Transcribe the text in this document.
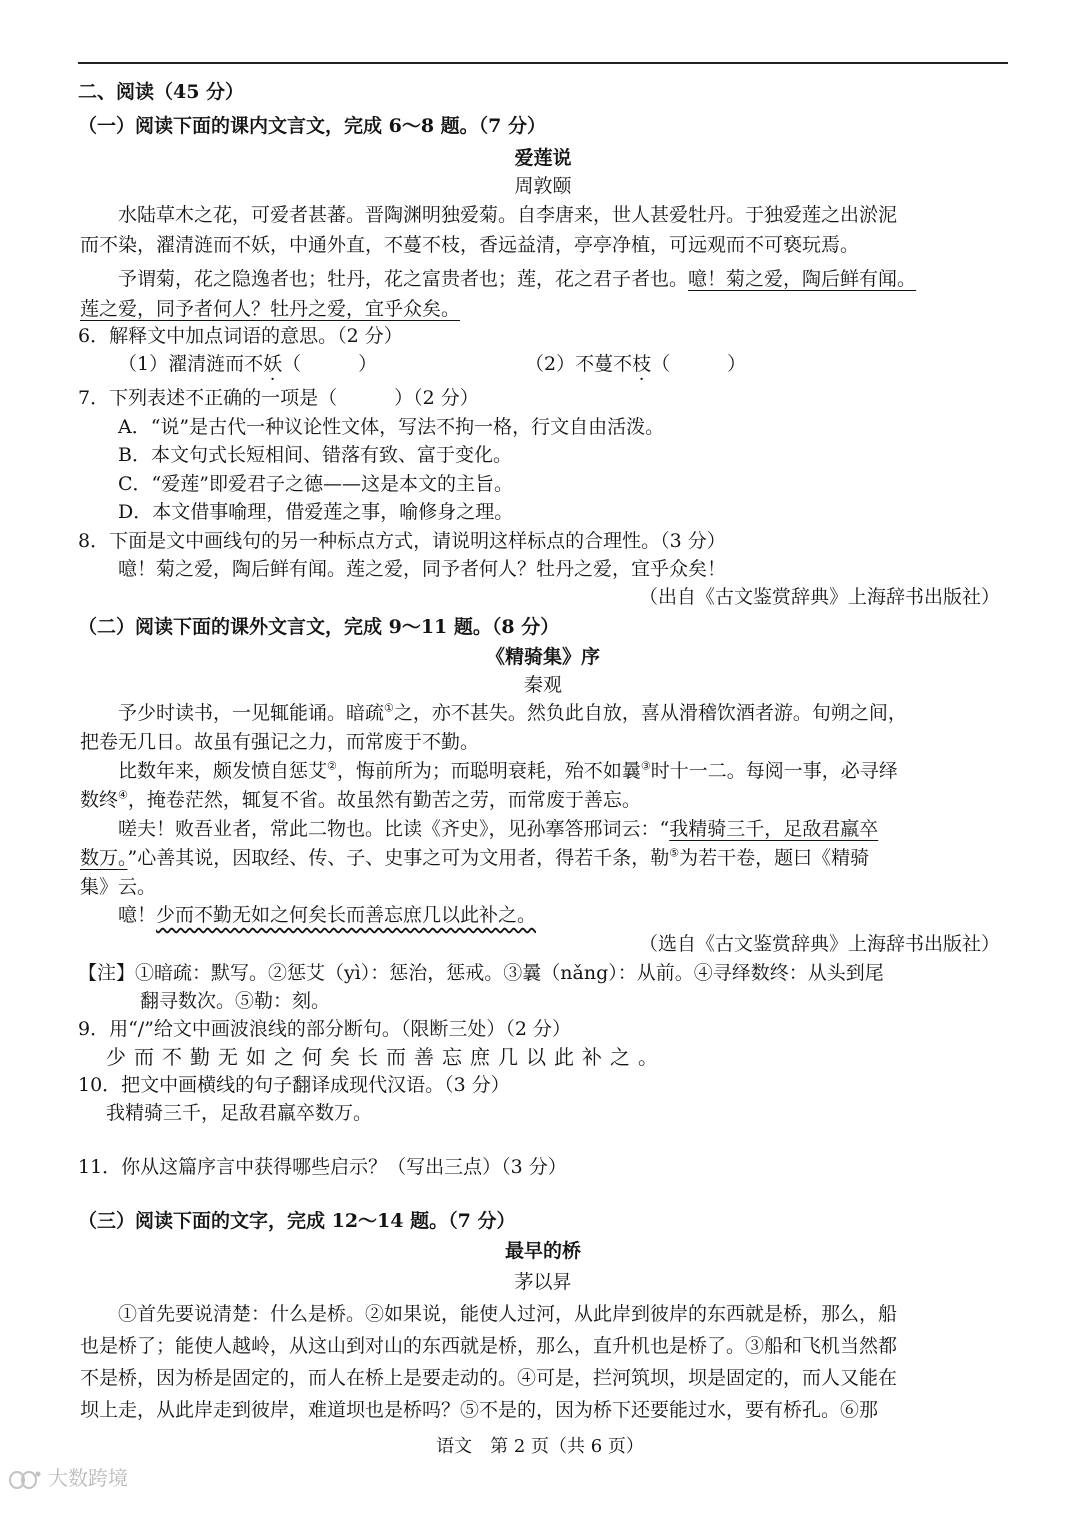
二、阅读（45 分）
（一）阅读下面的课内文言文，完成 6～8 题。（7 分）
爱莲说
周敦颐
水陆草木之花，可爱者甚蕃。晋陶渊明独爱菊。自李唐来，世人甚爱牡丹。于独爱莲之出淤泥
而不染，濯清涟而不妖，中通外直，不蔓不枝，香远益清，亭亭净植，可远观而不可亵玩焉。
予谓菊，花之隐逸者也；牡丹，花之富贵者也；莲，花之君子者也。噫！菊之爱，陶后鲜有闻。
莲之爱，同予者何人？牡丹之爱，宜乎众矣。
6．解释文中加点词语的意思。（2 分）
（1）濯清涟而不妖（　　　）	（2）不蔓不枝（　　　）
7．下列表述不正确的一项是（　　　）（2 分）
A．“说”是古代一种议论性文体，写法不拘一格，行文自由活泼。
B．本文句式长短相间、错落有致、富于变化。
C．“爱莲”即爱君子之德——这是本文的主旨。
D．本文借事喻理，借爱莲之事，喻修身之理。
8．下面是文中画线句的另一种标点方式，请说明这样标点的合理性。（3 分）
噫！菊之爱，陶后鲜有闻。莲之爱，同予者何人？牡丹之爱，宜乎众矣！
（出自《古文鉴赏辞典》上海辞书出版社）
（二）阅读下面的课外文言文，完成 9～11 题。（8 分）
《精骑集》序
秦观
予少时读书，一见辄能诵。暗疏①之，亦不甚失。然负此自放，喜从滑稽饮酒者游。旬朔之间，
把卷无几日。故虽有强记之力，而常废于不勤。
比数年来，颇发愤自惩艾②，悔前所为；而聪明衰耗，殆不如曩③时十一二。每阅一事，必寻绎
数终④，掩卷茫然，辄复不省。故虽然有勤苦之劳，而常废于善忘。
嗟夫！败吾业者，常此二物也。比读《齐史》，见孙搴答邢词云：“我精骑三千，足敌君羸卒
数万。”心善其说，因取经、传、子、史事之可为文用者，得若千条，勒⑤为若干卷，题曰《精骑
集》云。
噫！少而不勤无如之何矣长而善忘庶几以此补之。
（选自《古文鉴赏辞典》上海辞书出版社）
【注】①暗疏：默写。②惩艾（yì）：惩治，惩戒。③曩（nǎng）：从前。④寻绎数终：从头到尾
翻寻数次。⑤勒：刻。
9．用“/”给文中画波浪线的部分断句。（限断三处）（2 分）
少而不勤无如之何矣长而善忘庶几以此补之。
10．把文中画横线的句子翻译成现代汉语。（3 分）
我精骑三千，足敌君羸卒数万。
11．你从这篇序言中获得哪些启示？（写出三点）（3 分）
（三）阅读下面的文字，完成 12～14 题。（7 分）
最早的桥
茅以昇
①首先要说清楚：什么是桥。②如果说，能使人过河，从此岸到彼岸的东西就是桥，那么，船
也是桥了；能使人越岭，从这山到对山的东西就是桥，那么，直升机也是桥了。③船和飞机当然都
不是桥，因为桥是固定的，而人在桥上是要走动的。④可是，拦河筑坝，坝是固定的，而人又能在
坝上走，从此岸走到彼岸，难道坝也是桥吗？⑤不是的，因为桥下还要能过水，要有桥孔。⑥那
语文　第 2 页（共 6 页）
大数跨境
